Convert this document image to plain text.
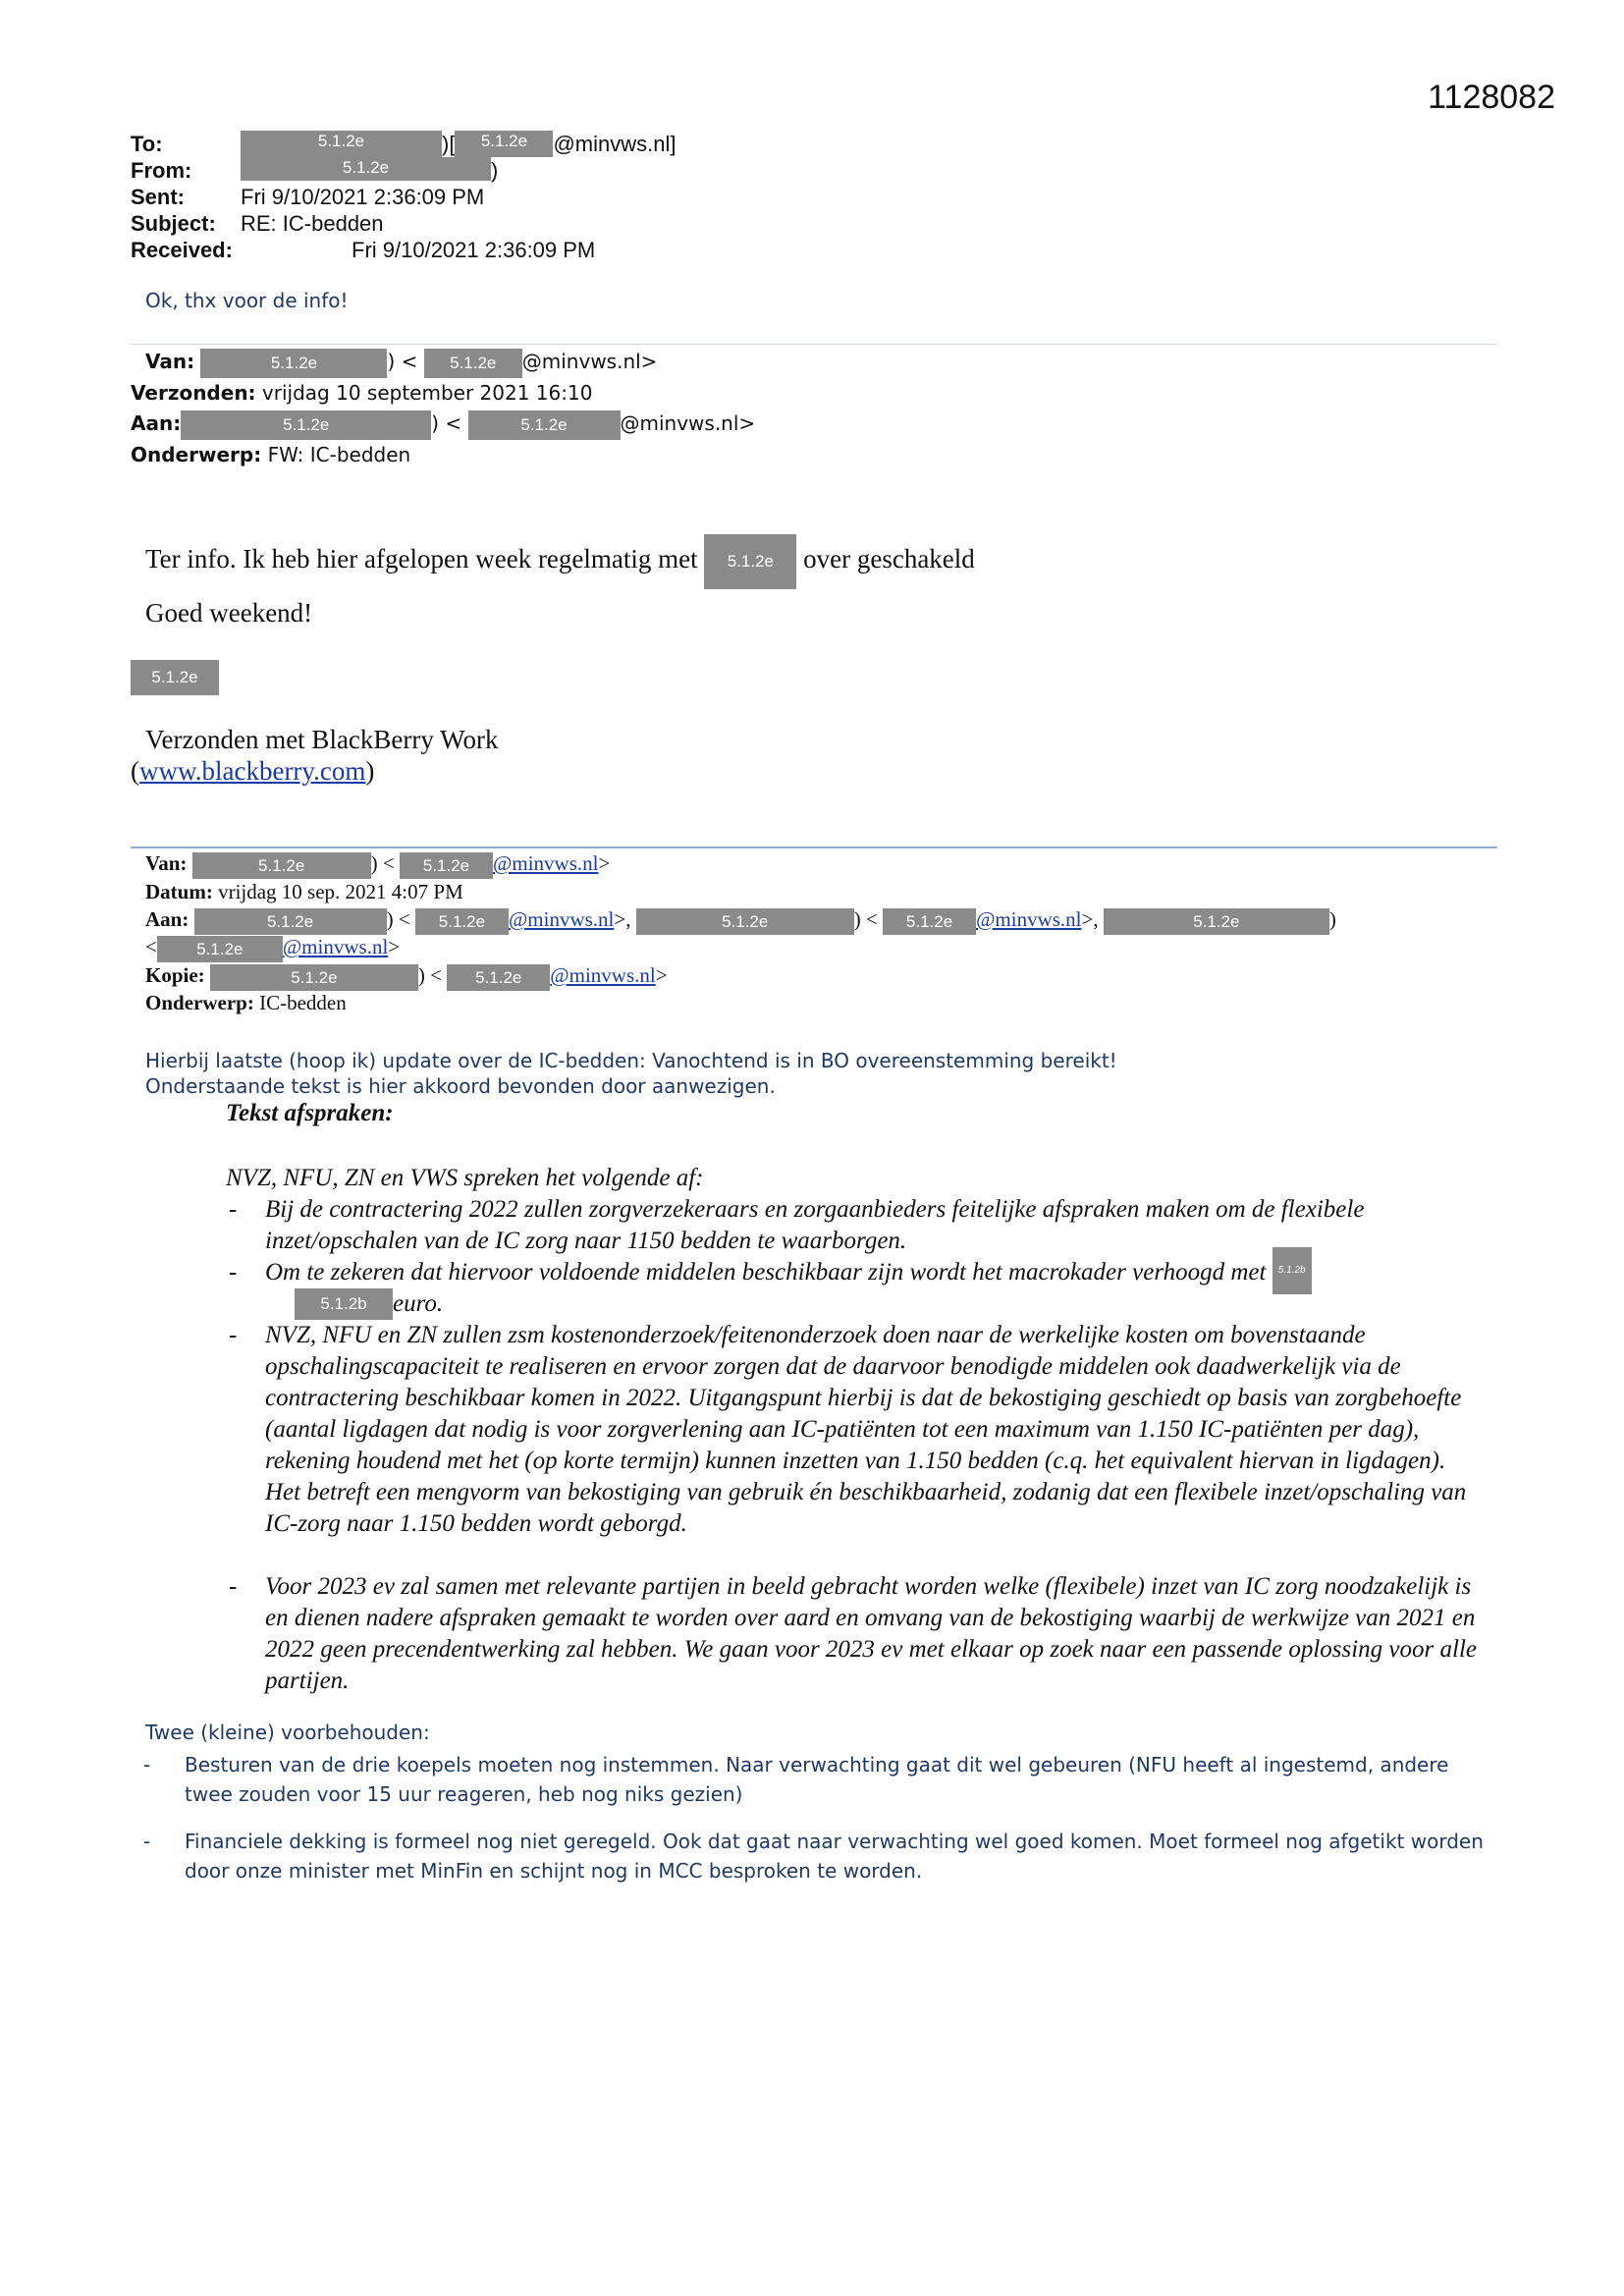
1128082
To:	5.1.2e	)[ 5.1.2e @minvws.nl]
From:	5.1.2e	)
Sent:	Fri 9/10/2021 2:36:09 PM
Subject: RE: IC-bedden
Received:	Fri 9/10/2021 2:36:09 PM
Ok, thx voor de info!
Van:	5.1.2e	) < 5.1.2e @minvws.nl>
Verzonden: vrijdag 10 september 2021 16:10
Aan:	5.1.2e	) <	5.1.2e	@minvws.nl>
Onderwerp: FW: IC-bedden
Ter info. Ik heb hier afgelopen week regelmatig met 5.1.2e over geschakeld
Goed weekend!
5.1.2e
Verzonden met BlackBerry Work
(www.blackberry.com)
Van:	5.1.2e	) < 5.1.2e @minvws.nl>
Datum: vrijdag 10 sep. 2021 4:07 PM
Aan:	5.1.2e	) < 5.1.2e @minvws.nl>,	5.1.2e	) < 5.1.2e @minvws.nl>,	5.1.2e	)
< 5.1.2e @minvws.nl>
Kopie:	5.1.2e	) < 5.1.2e @minvws.nl>
Onderwerp: IC-bedden
Hierbij laatste (hoop ik) update over de IC-bedden: Vanochtend is in BO overeenstemming bereikt!
Onderstaande tekst is hier akkoord bevonden door aanwezigen.
Tekst afspraken:
NVZ, NFU, ZN en VWS spreken het volgende af:
- Bij de contractering 2022 zullen zorgverzekeraars en zorgaanbieders feitelijke afspraken maken om de flexibele inzet/opschalen van de IC zorg naar 1150 bedden te waarborgen.
- Om te zekeren dat hiervoor voldoende middelen beschikbaar zijn wordt het macrokader verhoogd met 5.1.2b
5.1.2b euro.
- NVZ, NFU en ZN zullen zsm kostenonderzoek/feitenonderzoek doen naar de werkelijke kosten om bovenstaande opschalingscapaciteit te realiseren en ervoor zorgen dat de daarvoor benodigde middelen ook daadwerkelijk via de contractering beschikbaar komen in 2022. Uitgangspunt hierbij is dat de bekostiging geschiedt op basis van zorgbehoefte (aantal ligdagen dat nodig is voor zorgverlening aan IC-patiënten tot een maximum van 1.150 IC-patiënten per dag), rekening houdend met het (op korte termijn) kunnen inzetten van 1.150 bedden (c.q. het equivalent hiervan in ligdagen). Het betreft een mengvorm van bekostiging van gebruik én beschikbaarheid, zodanig dat een flexibele inzet/opschaling van IC-zorg naar 1.150 bedden wordt geborgd.
- Voor 2023 ev zal samen met relevante partijen in beeld gebracht worden welke (flexibele) inzet van IC zorg noodzakelijk is en dienen nadere afspraken gemaakt te worden over aard en omvang van de bekostiging waarbij de werkwijze van 2021 en 2022 geen precendentwerking zal hebben. We gaan voor 2023 ev met elkaar op zoek naar een passende oplossing voor alle partijen.
Twee (kleine) voorbehouden:
- Besturen van de drie koepels moeten nog instemmen. Naar verwachting gaat dit wel gebeuren (NFU heeft al ingestemd, andere twee zouden voor 15 uur reageren, heb nog niks gezien)
- Financiele dekking is formeel nog niet geregeld. Ook dat gaat naar verwachting wel goed komen. Moet formeel nog afgetikt worden door onze minister met MinFin en schijnt nog in MCC besproken te worden.
